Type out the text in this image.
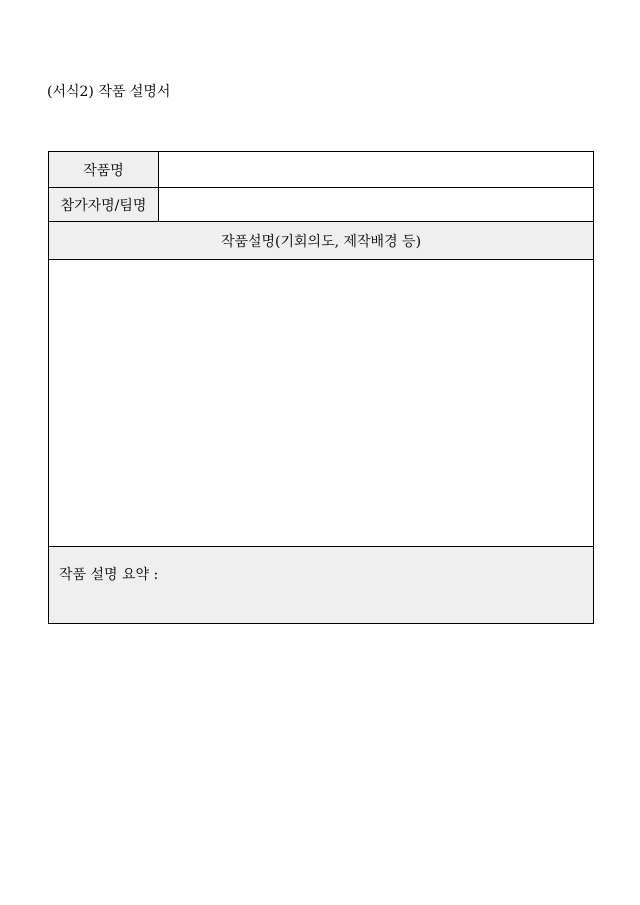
(서식2) 작품 설명서
작품명
참가자명/팀명
작품설명(기회의도, 제작배경 등)
작품 설명 요약 :
